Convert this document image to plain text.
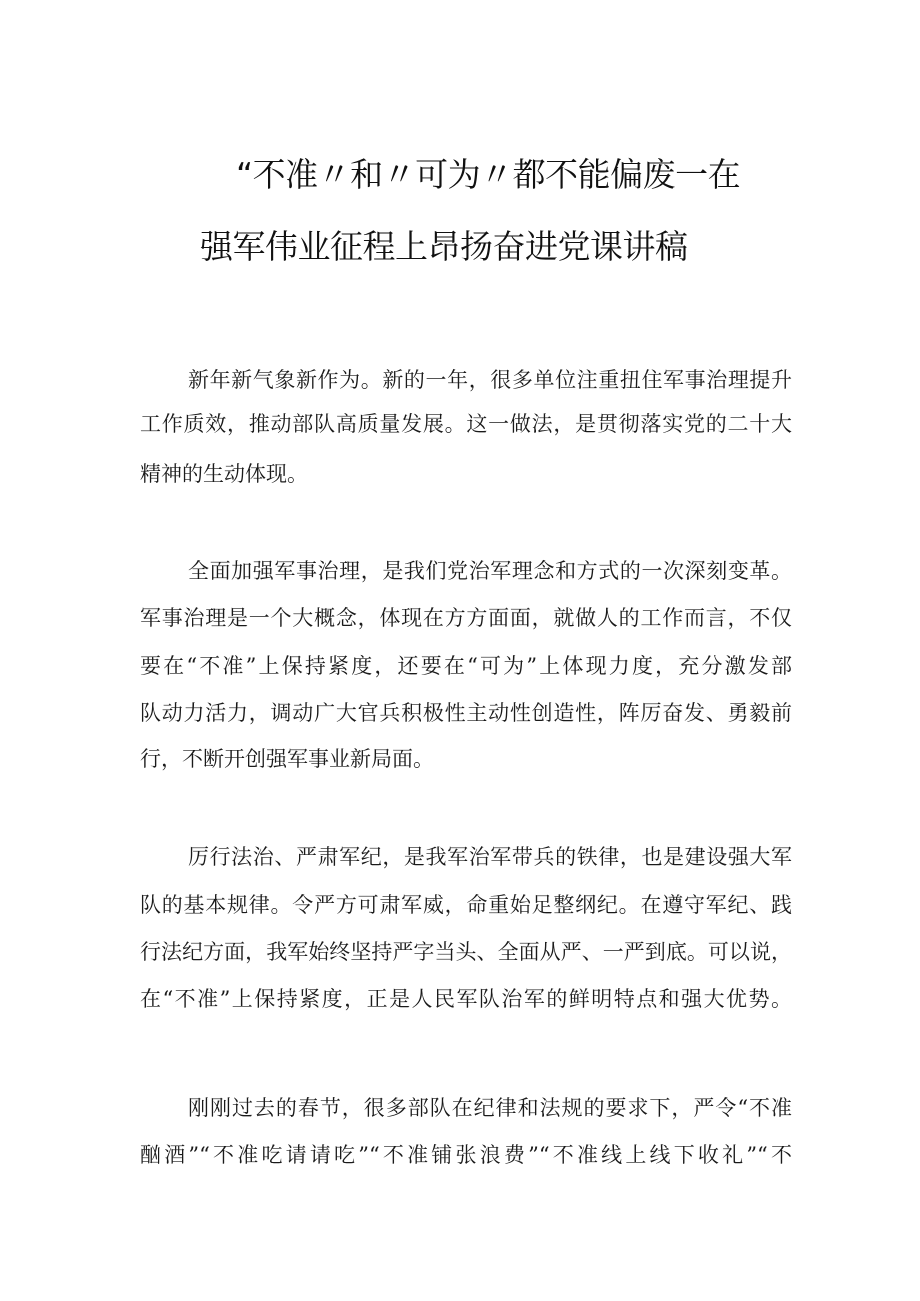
“不准〃和〃可为〃都不能偏废一在
强军伟业征程上昂扬奋进党课讲稿
新年新气象新作为。新的一年，很多单位注重扭住军事治理提升
工作质效，推动部队高质量发展。这一做法，是贯彻落实党的二十大
精神的生动体现。
全面加强军事治理，是我们党治军理念和方式的一次深刻变革。
军事治理是一个大概念，体现在方方面面，就做人的工作而言，不仅
要在“不准”上保持紧度，还要在“可为”上体现力度，充分激发部
队动力活力，调动广大官兵积极性主动性创造性，阵厉奋发、勇毅前
行，不断开创强军事业新局面。
厉行法治、严肃军纪，是我军治军带兵的铁律，也是建设强大军
队的基本规律。令严方可肃军威，命重始足整纲纪。在遵守军纪、践
行法纪方面，我军始终坚持严字当头、全面从严、一严到底。可以说，
在“不准”上保持紧度，正是人民军队治军的鲜明特点和强大优势。
刚刚过去的春节，很多部队在纪律和法规的要求下，严令“不准
酗酒”“不准吃请请吃”“不准铺张浪费”“不准线上线下收礼”“不
